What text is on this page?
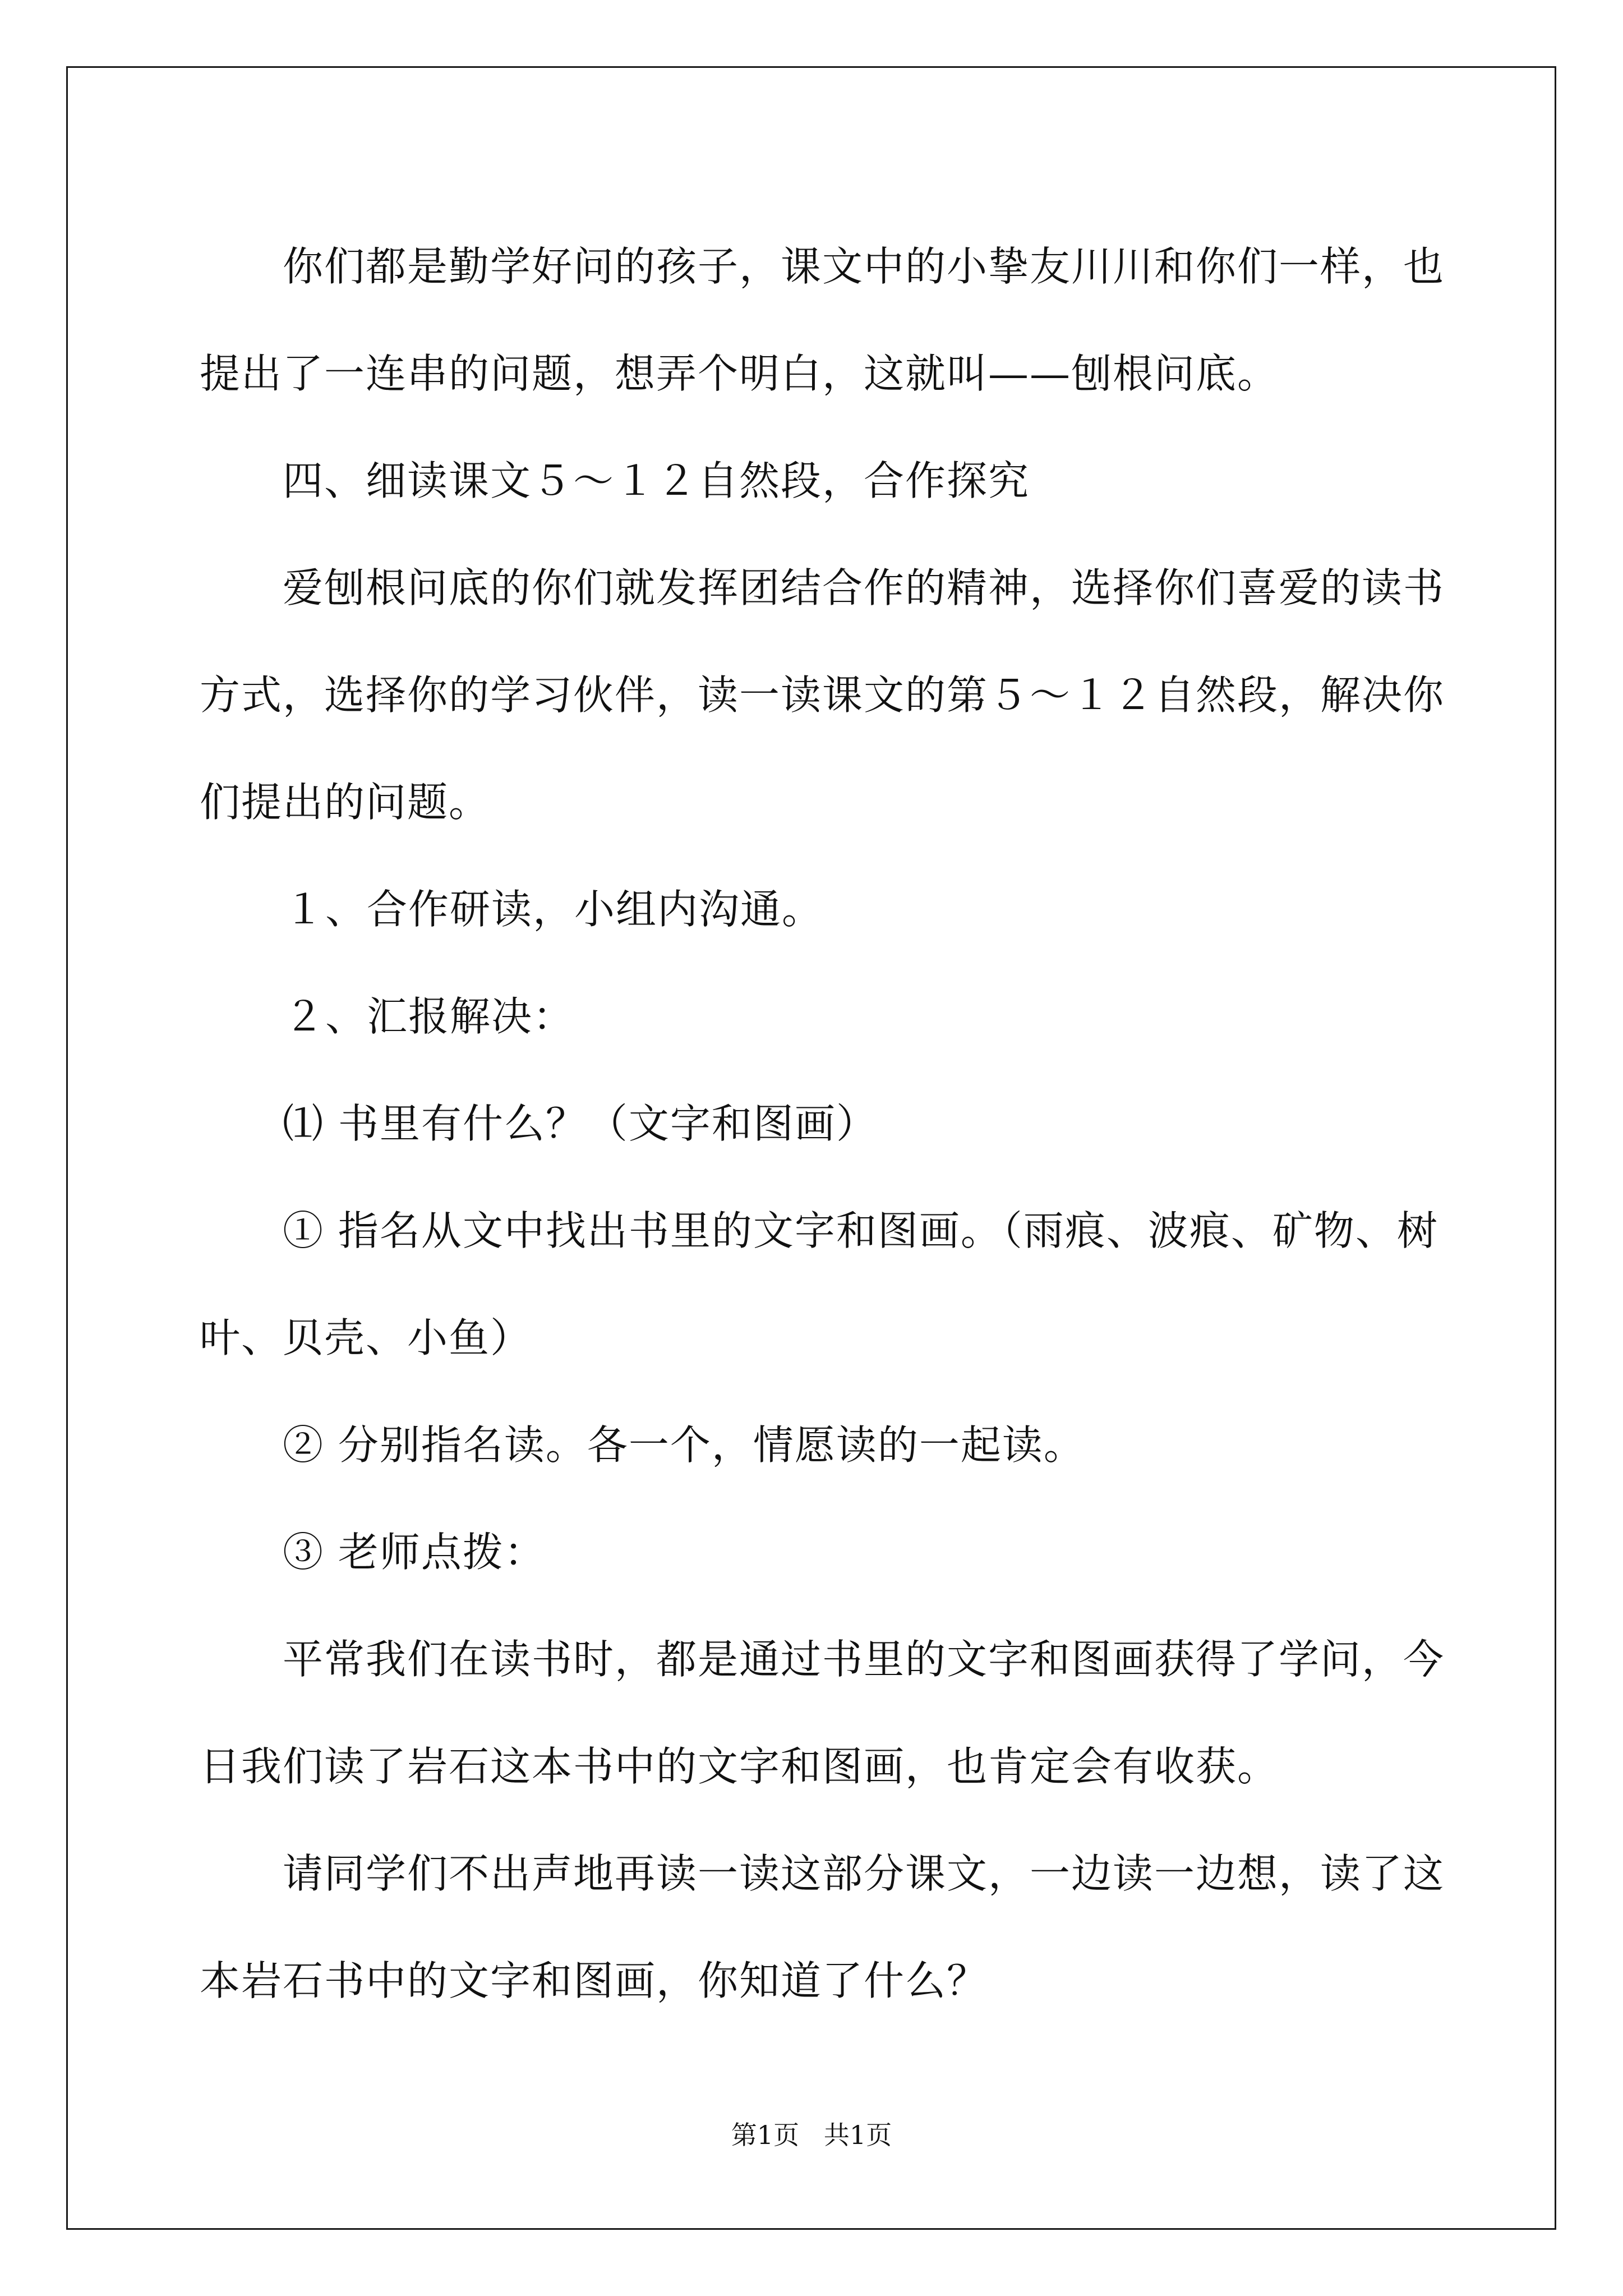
你们都是勤学好问的孩子，课文中的小挚友川川和你们一样，也

提出了一连串的问题，想弄个明白，这就叫——刨根问底。

四、细读课文５～１２自然段，合作探究

爱刨根问底的你们就发挥团结合作的精神，选择你们喜爱的读书

方式，选择你的学习伙伴，读一读课文的第５～１２自然段，解决你

们提出的问题。

１、合作研读，小组内沟通。

２、汇报解决：

⑴ 书里有什么？（文字和图画）

① 指名从文中找出书里的文字和图画。（雨痕、波痕、矿物、树

叶、贝壳、小鱼）

② 分别指名读。各一个，情愿读的一起读。

③ 老师点拨：

平常我们在读书时，都是通过书里的文字和图画获得了学问，今

日我们读了岩石这本书中的文字和图画，也肯定会有收获。

请同学们不出声地再读一读这部分课文，一边读一边想，读了这

本岩石书中的文字和图画，你知道了什么？

第1页   共1页
